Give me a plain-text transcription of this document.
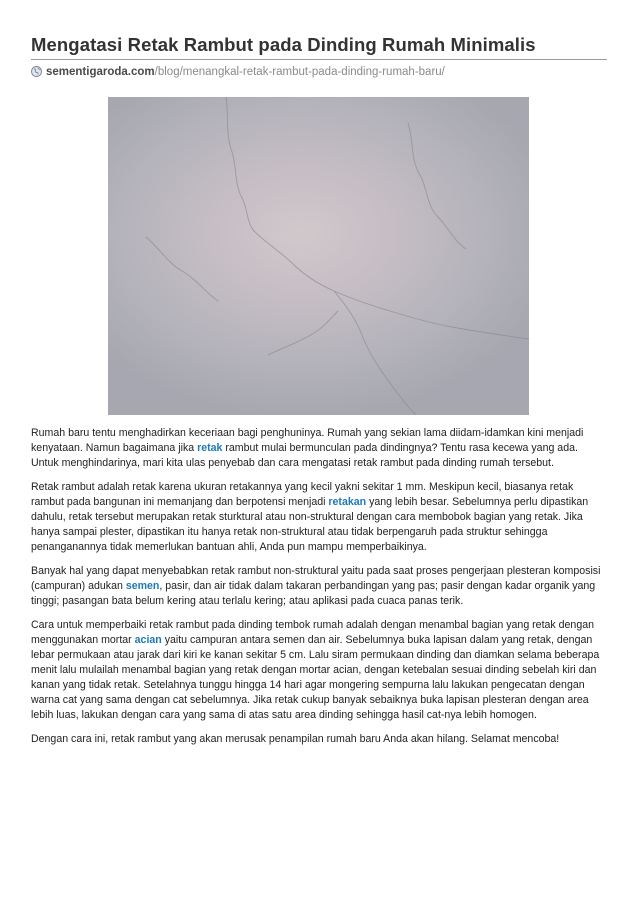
Mengatasi Retak Rambut pada Dinding Rumah Minimalis
sementigaroda.com/blog/menangkal-retak-rambut-pada-dinding-rumah-baru/

Rumah baru tentu menghadirkan keceriaan bagi penghuninya. Rumah yang sekian lama diidam-idamkan kini menjadi kenyataan. Namun bagaimana jika retak rambut mulai bermunculan pada dindingnya? Tentu rasa kecewa yang ada. Untuk menghindarinya, mari kita ulas penyebab dan cara mengatasi retak rambut pada dinding rumah tersebut.

Retak rambut adalah retak karena ukuran retakannya yang kecil yakni sekitar 1 mm. Meskipun kecil, biasanya retak rambut pada bangunan ini memanjang dan berpotensi menjadi retakan yang lebih besar. Sebelumnya perlu dipastikan dahulu, retak tersebut merupakan retak sturktural atau non-struktural dengan cara membobok bagian yang retak. Jika hanya sampai plester, dipastikan itu hanya retak non-struktural atau tidak berpengaruh pada struktur sehingga penanganannya tidak memerlukan bantuan ahli, Anda pun mampu memperbaikinya.

Banyak hal yang dapat menyebabkan retak rambut non-struktural yaitu pada saat proses pengerjaan plesteran komposisi (campuran) adukan semen, pasir, dan air tidak dalam takaran perbandingan yang pas; pasir dengan kadar organik yang tinggi; pasangan bata belum kering atau terlalu kering; atau aplikasi pada cuaca panas terik.

Cara untuk memperbaiki retak rambut pada dinding tembok rumah adalah dengan menambal bagian yang retak dengan menggunakan mortar acian yaitu campuran antara semen dan air. Sebelumnya buka lapisan dalam yang retak, dengan lebar permukaan atau jarak dari kiri ke kanan sekitar 5 cm. Lalu siram permukaan dinding dan diamkan selama beberapa menit lalu mulailah menambal bagian yang retak dengan mortar acian, dengan ketebalan sesuai dinding sebelah kiri dan kanan yang tidak retak. Setelahnya tunggu hingga 14 hari agar mongering sempurna lalu lakukan pengecatan dengan warna cat yang sama dengan cat sebelumnya. Jika retak cukup banyak sebaiknya buka lapisan plesteran dengan area lebih luas, lakukan dengan cara yang sama di atas satu area dinding sehingga hasil cat-nya lebih homogen.

Dengan cara ini, retak rambut yang akan merusak penampilan rumah baru Anda akan hilang. Selamat mencoba!
